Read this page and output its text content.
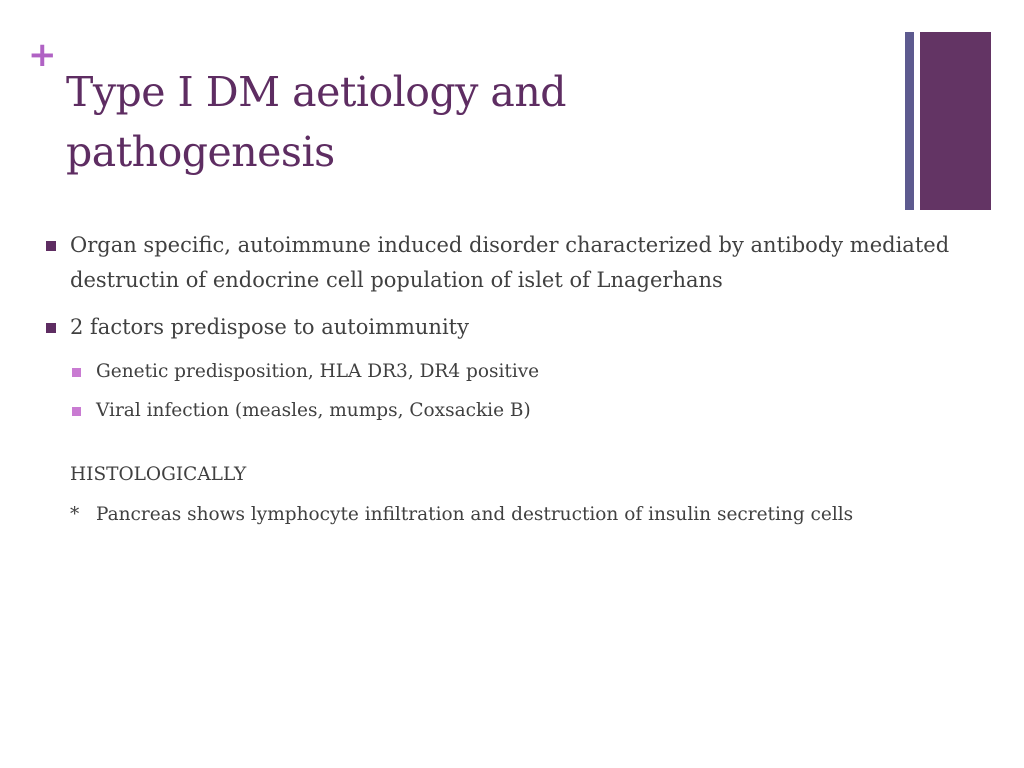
+
Type I DM aetiology and
pathogenesis
Organ specific, autoimmune induced disorder characterized by antibody mediated destructin of endocrine cell population of islet of Lnagerhans
2 factors predispose to autoimmunity
Genetic predisposition, HLA DR3, DR4 positive
Viral infection (measles, mumps, Coxsackie B)
HISTOLOGICALLY
* Pancreas shows lymphocyte infiltration and destruction of insulin secreting cells
